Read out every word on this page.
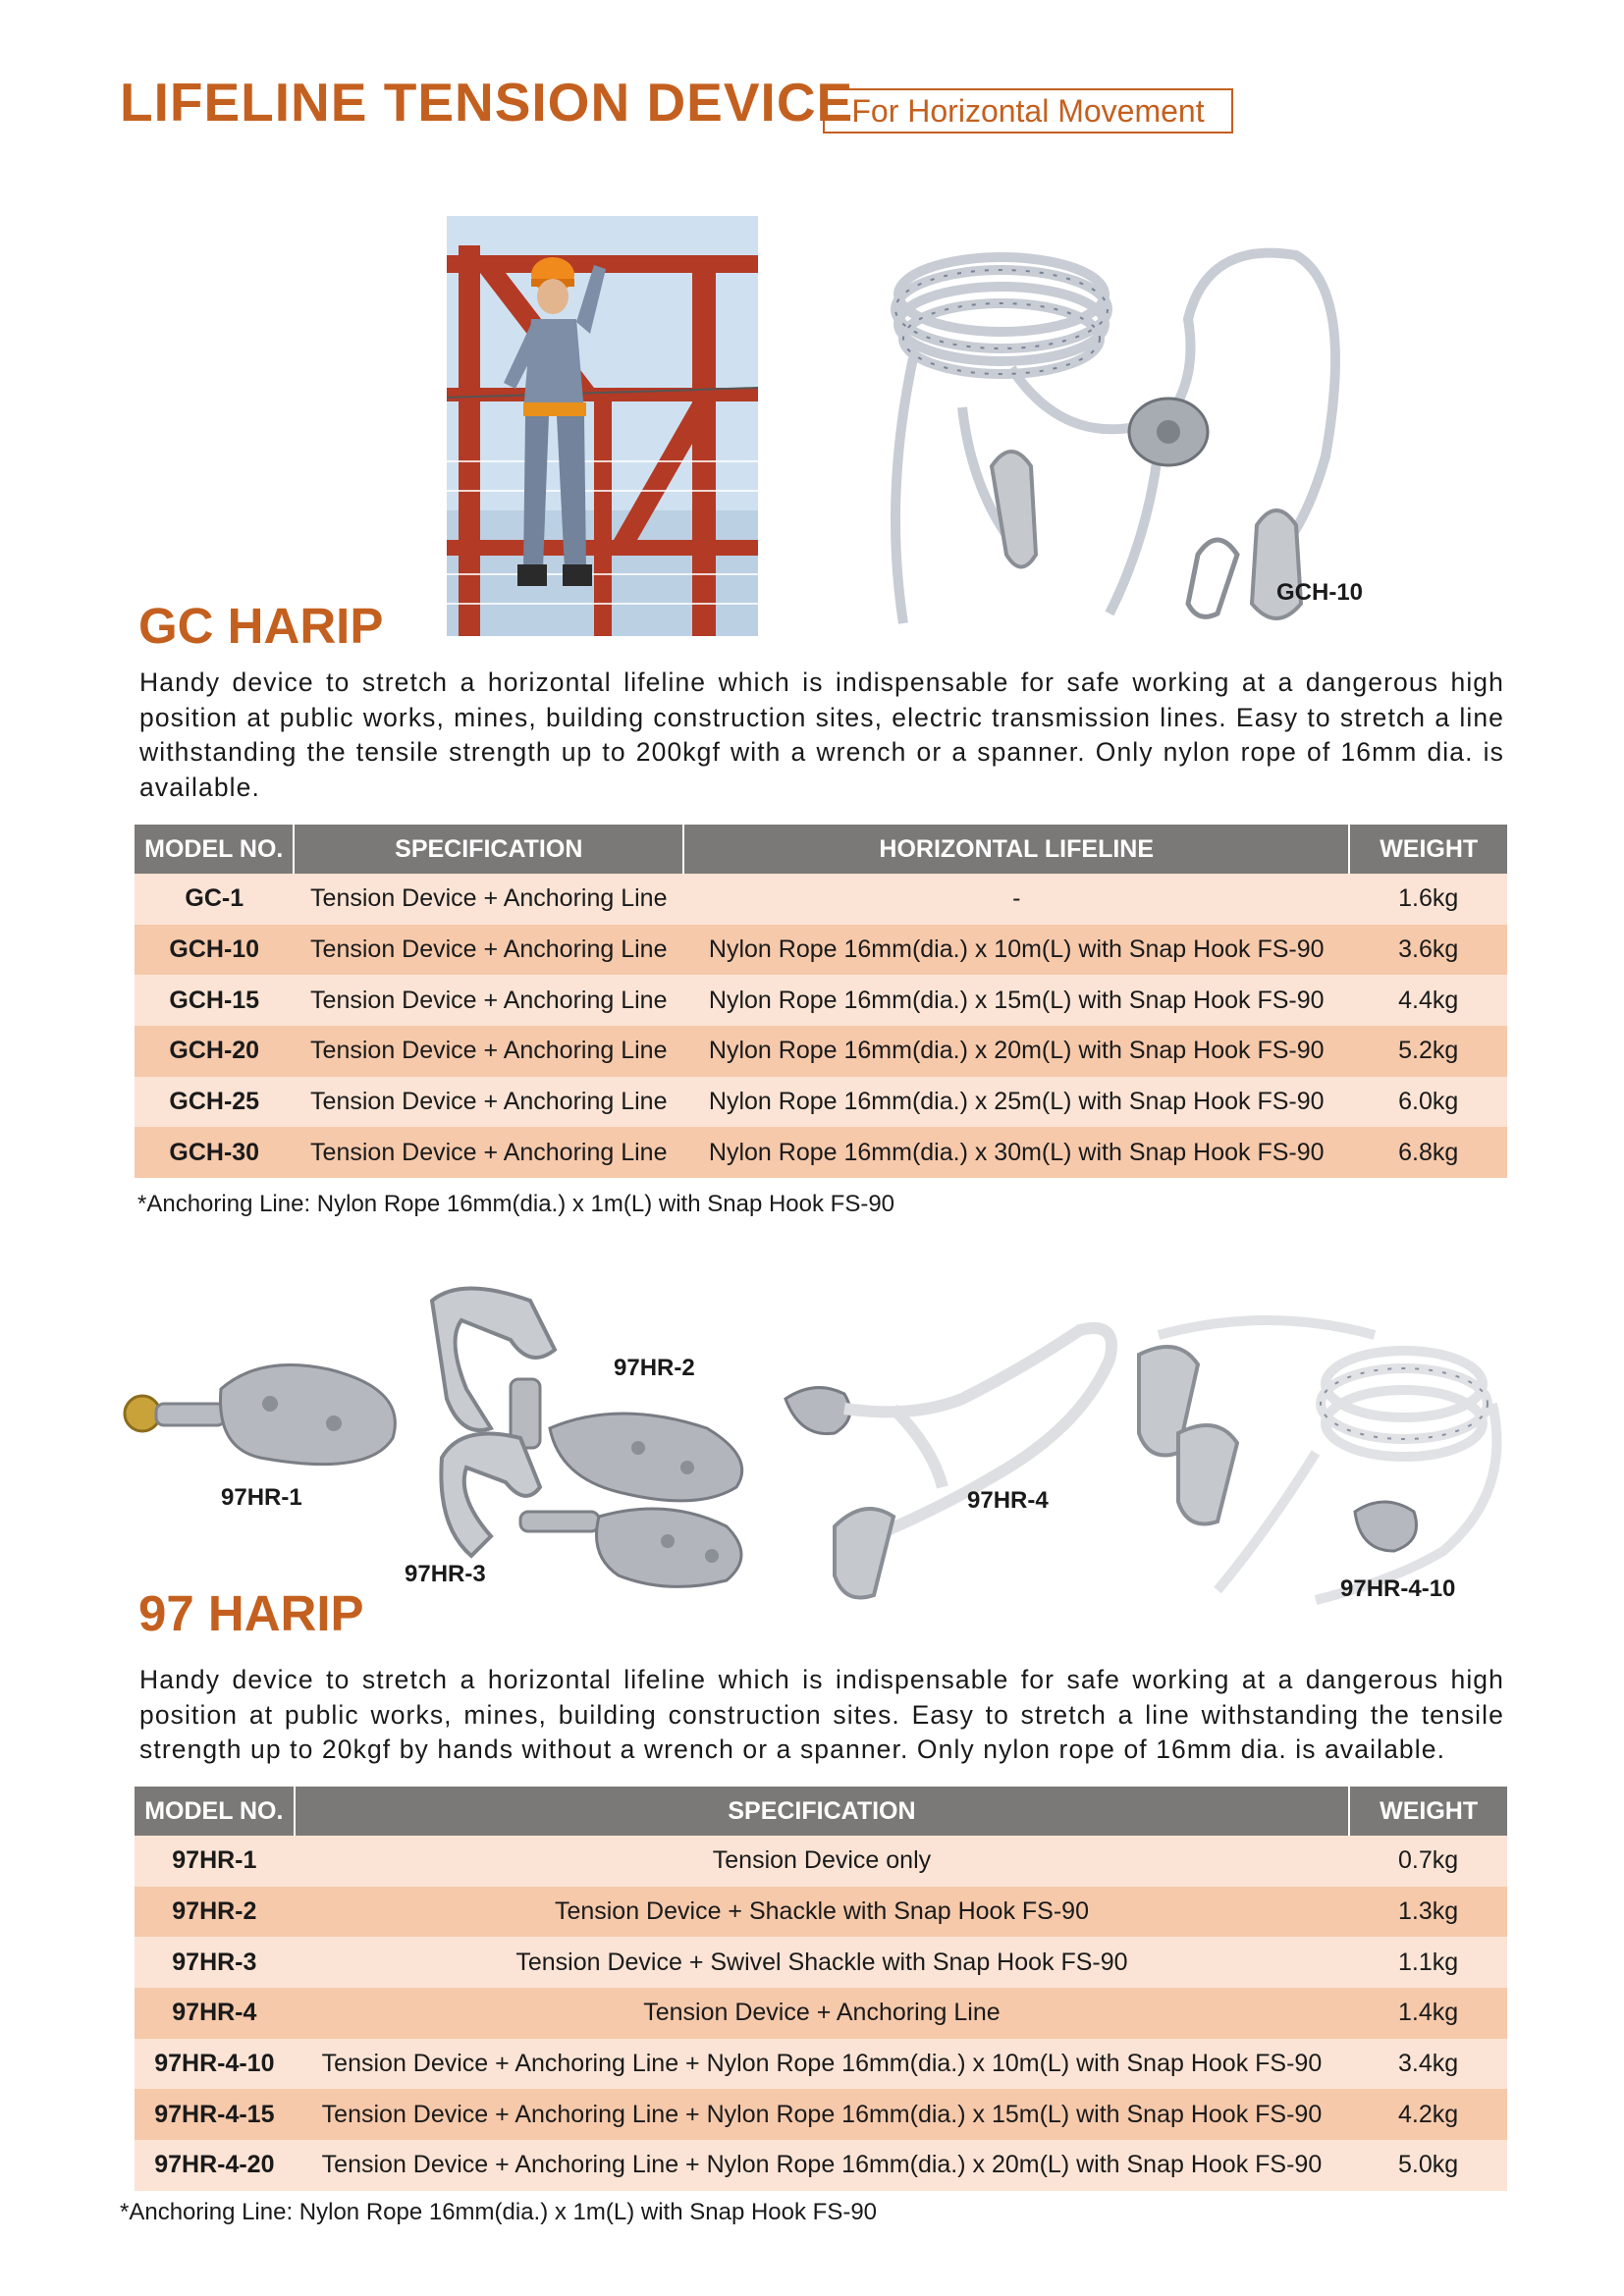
LIFELINE TENSION DEVICE
For Horizontal Movement
GCH-10
GC HARIP
Handy device to stretch a horizontal lifeline which is indispensable for safe working at a dangerous high position at public works, mines, building construction sites, electric transmission lines. Easy to stretch a line withstanding the tensile strength up to 200kgf with a wrench or a spanner. Only nylon rope of 16mm dia. is available.
MODEL NO.	SPECIFICATION	HORIZONTAL LIFELINE	WEIGHT
GC-1	Tension Device + Anchoring Line	-	1.6kg
GCH-10	Tension Device + Anchoring Line	Nylon Rope 16mm(dia.) x 10m(L) with Snap Hook FS-90	3.6kg
GCH-15	Tension Device + Anchoring Line	Nylon Rope 16mm(dia.) x 15m(L) with Snap Hook FS-90	4.4kg
GCH-20	Tension Device + Anchoring Line	Nylon Rope 16mm(dia.) x 20m(L) with Snap Hook FS-90	5.2kg
GCH-25	Tension Device + Anchoring Line	Nylon Rope 16mm(dia.) x 25m(L) with Snap Hook FS-90	6.0kg
GCH-30	Tension Device + Anchoring Line	Nylon Rope 16mm(dia.) x 30m(L) with Snap Hook FS-90	6.8kg
*Anchoring Line: Nylon Rope 16mm(dia.) x 1m(L) with Snap Hook FS-90
97HR-1
97HR-2
97HR-3
97HR-4
97HR-4-10
97 HARIP
Handy device to stretch a horizontal lifeline which is indispensable for safe working at a dangerous high position at public works, mines, building construction sites. Easy to stretch a line withstanding the tensile strength up to 20kgf by hands without a wrench or a spanner. Only nylon rope of 16mm dia. is available.
MODEL NO.	SPECIFICATION	WEIGHT
97HR-1	Tension Device only	0.7kg
97HR-2	Tension Device + Shackle with Snap Hook FS-90	1.3kg
97HR-3	Tension Device + Swivel Shackle with Snap Hook FS-90	1.1kg
97HR-4	Tension Device + Anchoring Line	1.4kg
97HR-4-10	Tension Device + Anchoring Line + Nylon Rope 16mm(dia.) x 10m(L) with Snap Hook FS-90	3.4kg
97HR-4-15	Tension Device + Anchoring Line + Nylon Rope 16mm(dia.) x 15m(L) with Snap Hook FS-90	4.2kg
97HR-4-20	Tension Device + Anchoring Line + Nylon Rope 16mm(dia.) x 20m(L) with Snap Hook FS-90	5.0kg
*Anchoring Line: Nylon Rope 16mm(dia.) x 1m(L) with Snap Hook FS-90
